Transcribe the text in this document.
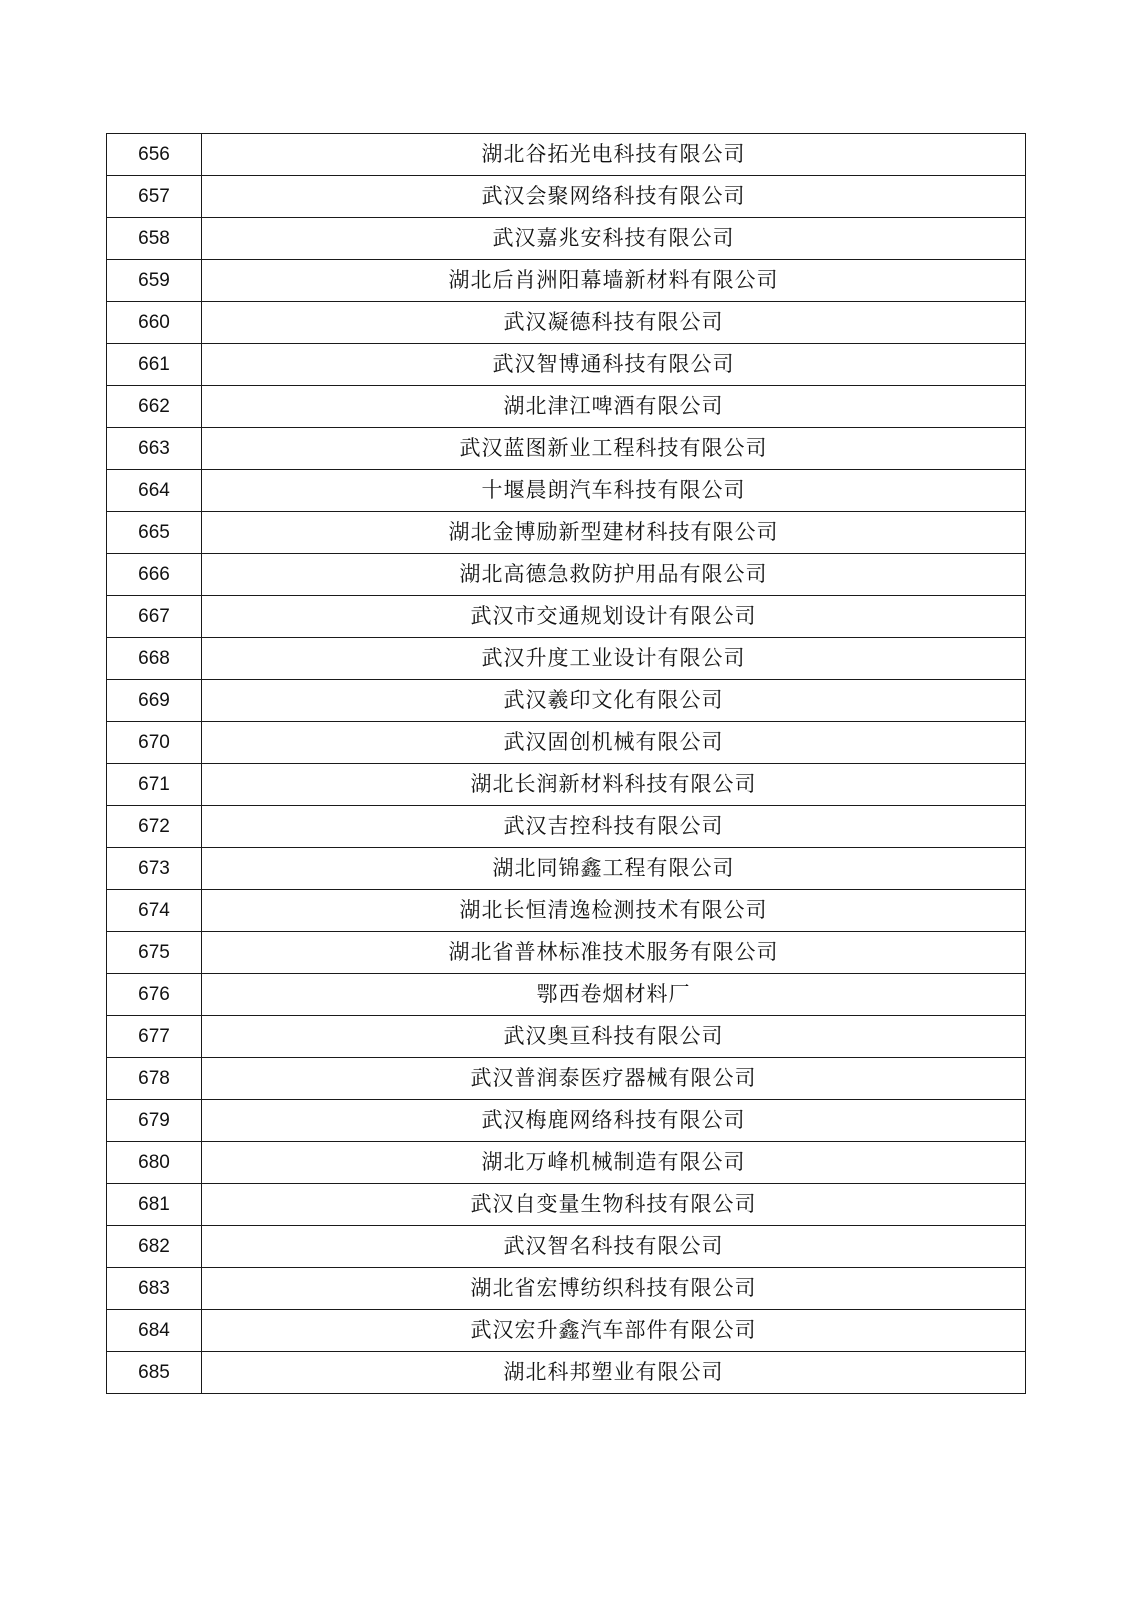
656	湖北谷拓光电科技有限公司
657	武汉会聚网络科技有限公司
658	武汉嘉兆安科技有限公司
659	湖北后肖洲阳幕墙新材料有限公司
660	武汉凝德科技有限公司
661	武汉智博通科技有限公司
662	湖北津江啤酒有限公司
663	武汉蓝图新业工程科技有限公司
664	十堰晨朗汽车科技有限公司
665	湖北金博励新型建材科技有限公司
666	湖北高德急救防护用品有限公司
667	武汉市交通规划设计有限公司
668	武汉升度工业设计有限公司
669	武汉羲印文化有限公司
670	武汉固创机械有限公司
671	湖北长润新材料科技有限公司
672	武汉吉控科技有限公司
673	湖北同锦鑫工程有限公司
674	湖北长恒清逸检测技术有限公司
675	湖北省普林标准技术服务有限公司
676	鄂西卷烟材料厂
677	武汉奥亘科技有限公司
678	武汉普润泰医疗器械有限公司
679	武汉梅鹿网络科技有限公司
680	湖北万峰机械制造有限公司
681	武汉自变量生物科技有限公司
682	武汉智名科技有限公司
683	湖北省宏博纺织科技有限公司
684	武汉宏升鑫汽车部件有限公司
685	湖北科邦塑业有限公司
